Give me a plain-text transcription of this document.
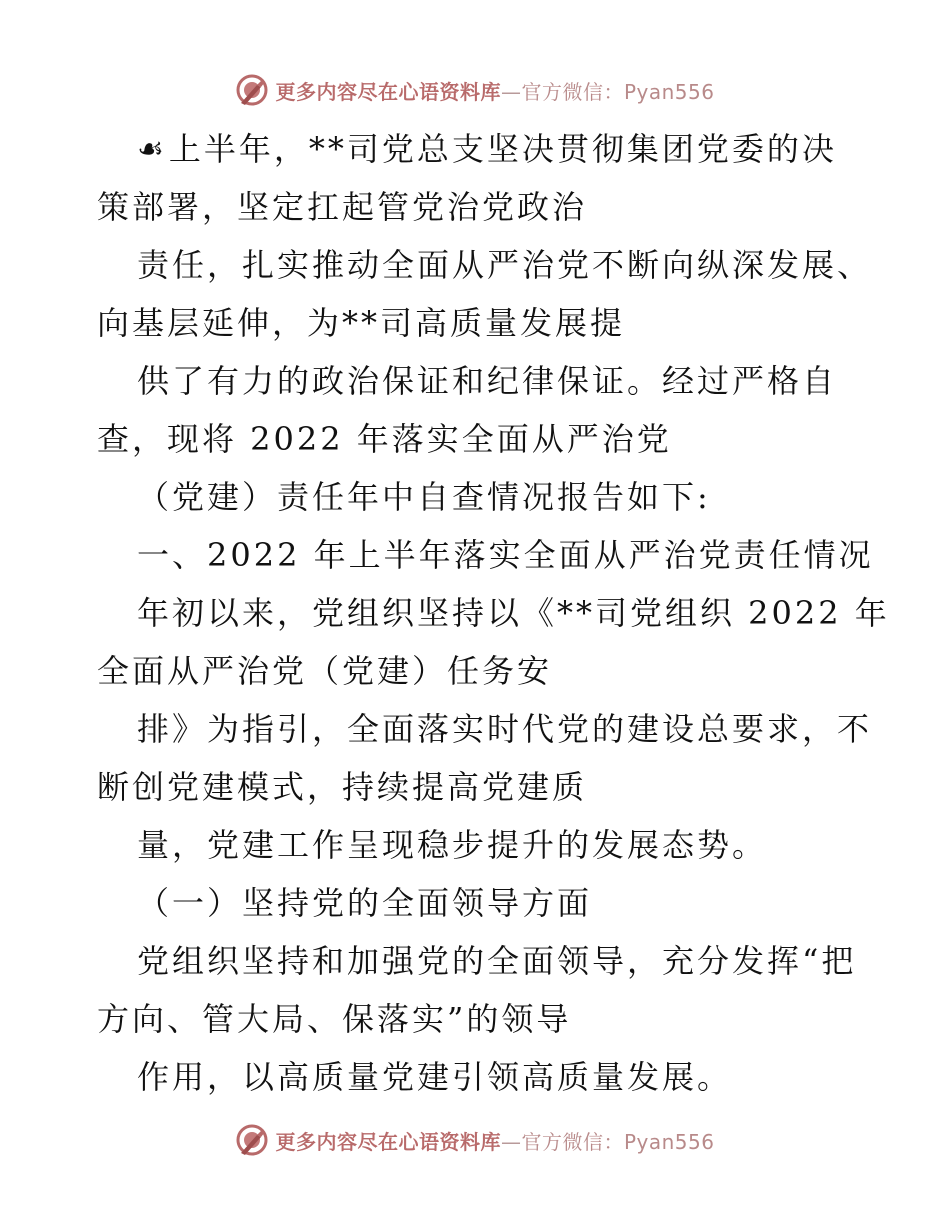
更多内容尽在心语资料库—官方微信：Pyan556
☙上半年，**司党总支坚决贯彻集团党委的决
策部署，坚定扛起管党治党政治
责任，扎实推动全面从严治党不断向纵深发展、
向基层延伸，为**司高质量发展提
供了有力的政治保证和纪律保证。经过严格自
查，现将 2022 年落实全面从严治党
（党建）责任年中自查情况报告如下:
一、2022 年上半年落实全面从严治党责任情况
年初以来，党组织坚持以《**司党组织 2022 年
全面从严治党（党建）任务安
排》为指引，全面落实时代党的建设总要求，不
断创党建模式，持续提高党建质
量，党建工作呈现稳步提升的发展态势。
（一）坚持党的全面领导方面
党组织坚持和加强党的全面领导，充分发挥“把
方向、管大局、保落实”的领导
作用，以高质量党建引领高质量发展。
更多内容尽在心语资料库—官方微信：Pyan556
